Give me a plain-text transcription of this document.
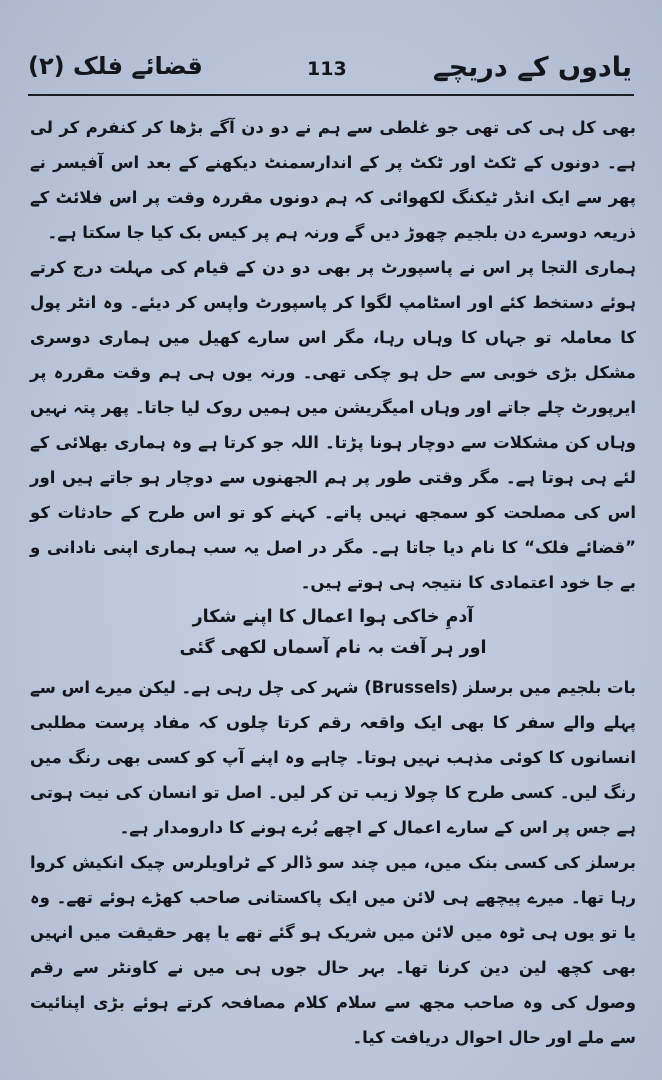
یادوں کے دریچے
113
قضائے فلک (۲)

بھی کل ہی کی تھی جو غلطی سے ہم نے دو دن آگے بڑھا کر کنفرم کر لی ہے۔ دونوں کے ٹکٹ اور ٹکٹ پر کے اندارسمنٹ دیکھنے کے بعد اس آفیسر نے پھر سے ایک انڈر ٹیکنگ لکھوائی کہ ہم دونوں مقررہ وقت پر اس فلائٹ کے ذریعہ دوسرے دن بلجیم چھوڑ دیں گے ورنہ ہم پر کیس بک کیا جا سکتا ہے۔

ہماری التجا پر اس نے پاسپورٹ پر بھی دو دن کے قیام کی مہلت درج کرتے ہوئے دستخط کئے اور اسٹامپ لگوا کر پاسپورٹ واپس کر دیئے۔ وہ انٹر پول کا معاملہ تو جہاں کا وہاں رہا، مگر اس سارے کھیل میں ہماری دوسری مشکل بڑی خوبی سے حل ہو چکی تھی۔ ورنہ یوں ہی ہم وقت مقررہ پر ایرپورٹ چلے جاتے اور وہاں امیگریشن میں ہمیں روک لیا جاتا۔ پھر پتہ نہیں وہاں کن مشکلات سے دوچار ہونا پڑتا۔ اللہ جو کرتا ہے وہ ہماری بھلائی کے لئے ہی ہوتا ہے۔ مگر وقتی طور پر ہم الجھنوں سے دوچار ہو جاتے ہیں اور اس کی مصلحت کو سمجھ نہیں پاتے۔ کہنے کو تو اس طرح کے حادثات کو ”قضائے فلک“ کا نام دیا جاتا ہے۔ مگر در اصل یہ سب ہماری اپنی نادانی و بے جا خود اعتمادی کا نتیجہ ہی ہوتے ہیں۔

آدمِ خاکی ہوا اعمال کا اپنے شکار

اور ہر آفت بہ نام آسماں لکھی گئی

بات بلجیم میں برسلز (Brussels) شہر کی چل رہی ہے۔ لیکن میرے اس سے پہلے والے سفر کا بھی ایک واقعہ رقم کرتا چلوں کہ مفاد پرست مطلبی انسانوں کا کوئی مذہب نہیں ہوتا۔ چاہے وہ اپنے آپ کو کسی بھی رنگ میں رنگ لیں۔ کسی طرح کا چولا زیب تن کر لیں۔ اصل تو انسان کی نیت ہوتی ہے جس پر اس کے سارے اعمال کے اچھے بُرے ہونے کا دارومدار ہے۔

برسلز کی کسی بنک میں، میں چند سو ڈالر کے ٹراویلرس چیک انکیش کروا رہا تھا۔ میرے پیچھے ہی لائن میں ایک پاکستانی صاحب کھڑے ہوئے تھے۔ وہ یا تو یوں ہی ٹوہ میں لائن میں شریک ہو گئے تھے یا پھر حقیقت میں انہیں بھی کچھ لین دین کرنا تھا۔ بہر حال جوں ہی میں نے کاونٹر سے رقم وصول کی وہ صاحب مجھ سے سلام کلام مصافحہ کرتے ہوئے بڑی اپنائیت سے ملے اور حال احوال دریافت کیا۔
